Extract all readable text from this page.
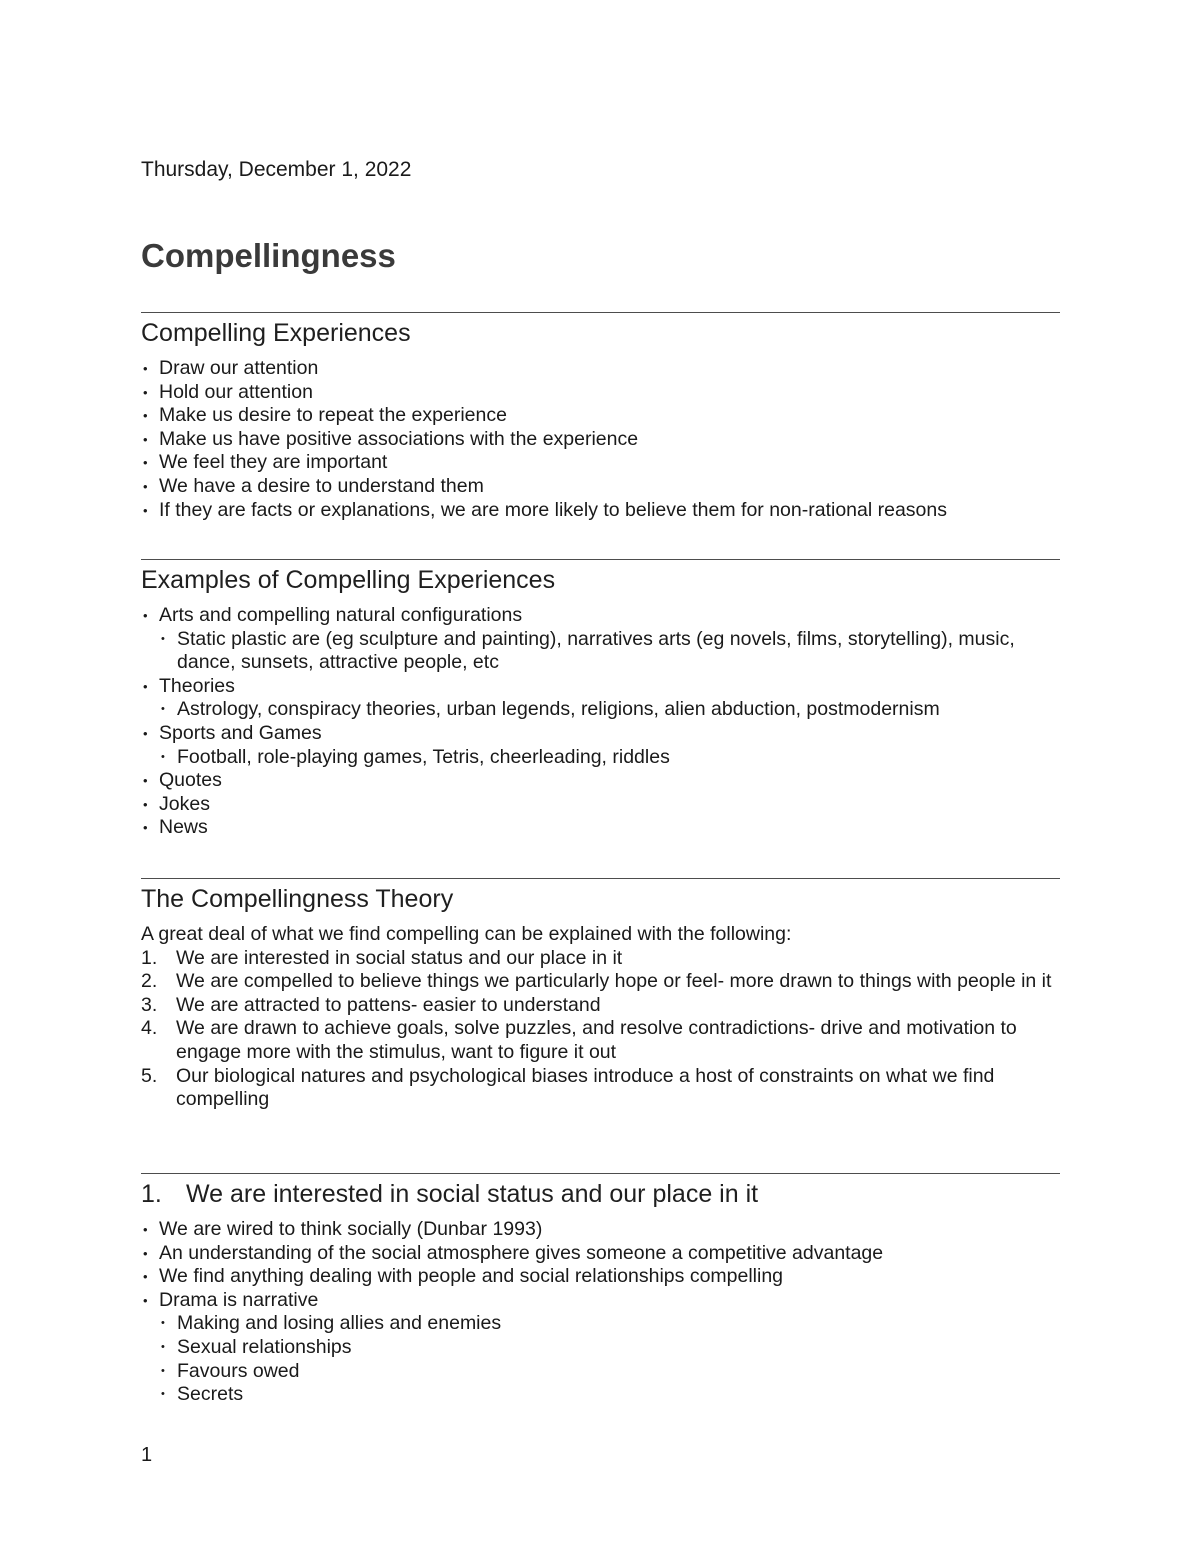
Thursday, December 1, 2022
Compellingness
Compelling Experiences
• Draw our attention
• Hold our attention
• Make us desire to repeat the experience
• Make us have positive associations with the experience
• We feel they are important
• We have a desire to understand them
• If they are facts or explanations, we are more likely to believe them for non-rational reasons
Examples of Compelling Experiences
• Arts and compelling natural configurations
• Static plastic are (eg sculpture and painting), narratives arts (eg novels, films, storytelling), music, dance, sunsets, attractive people, etc
• Theories
• Astrology, conspiracy theories, urban legends, religions, alien abduction, postmodernism
• Sports and Games
• Football, role-playing games, Tetris, cheerleading, riddles
• Quotes
• Jokes
• News
The Compellingness Theory

A great deal of what we find compelling can be explained with the following:

1. We are interested in social status and our place in it
2. We are compelled to believe things we particularly hope or feel- more drawn to things with people in it
3. We are attracted to pattens- easier to understand
4. We are drawn to achieve goals, solve puzzles, and resolve contradictions- drive and motivation to engage more with the stimulus, want to figure it out
5. Our biological natures and psychological biases introduce a host of constraints on what we find compelling
1. We are interested in social status and our place in it
• We are wired to think socially (Dunbar 1993)
• An understanding of the social atmosphere gives someone a competitive advantage
• We find anything dealing with people and social relationships compelling
• Drama is narrative
• Making and losing allies and enemies
• Sexual relationships
• Favours owed
• Secrets
1
